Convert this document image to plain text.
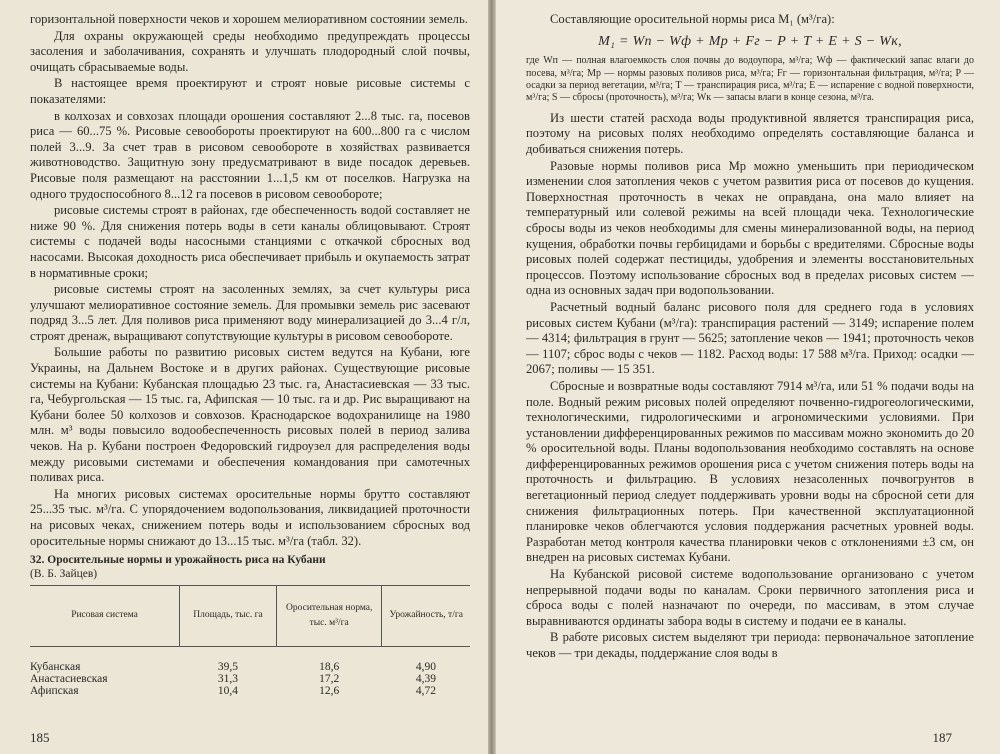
горизонтальной поверхности чеков и хорошем мелиоративном состоянии земель.

Для охраны окружающей среды необходимо предупреждать процессы засоления и заболачивания, сохранять и улучшать плодородный слой почвы, очищать сбрасываемые воды.

В настоящее время проектируют и строят новые рисовые системы с показателями:

в колхозах и совхозах площади орошения составляют 2...8 тыс. га, посевов риса — 60...75 %. Рисовые севообороты проектируют на 600...800 га с числом полей 3...9. За счет трав в рисовом севообороте в хозяйствах развивается животноводство. Защитную зону предусматривают в виде посадок деревьев. Рисовые поля размещают на расстоянии 1...1,5 км от поселков. Нагрузка на одного трудоспособного 8...12 га посевов в рисовом севообороте;

рисовые системы строят в районах, где обеспеченность водой составляет не ниже 90 %. Для снижения потерь воды в сети каналы облицовывают. Строят системы с подачей воды насосными станциями с откачкой сбросных вод насосами. Высокая доходность риса обеспечивает прибыль и окупаемость затрат в нормативные сроки;

рисовые системы строят на засоленных землях, за счет культуры риса улучшают мелиоративное состояние земель. Для промывки земель рис засевают подряд 3...5 лет. Для поливов риса применяют воду минерализацией до 3...4 г/л, строят дренаж, выращивают сопутствующие культуры в рисовом севообороте.

Большие работы по развитию рисовых систем ведутся на Кубани, юге Украины, на Дальнем Востоке и в других районах. Существующие рисовые системы на Кубани: Кубанская площадью 23 тыс. га, Анастасиевская — 33 тыс. га, Чебургольская — 15 тыс. га, Афипская — 10 тыс. га и др. Рис выращивают на Кубани более 50 колхозов и совхозов. Краснодарское водохранилище на 1980 млн. м³ воды повысило водообеспеченность рисовых полей в период залива чеков. На р. Кубани построен Федоровский гидроузел для распределения воды между рисовыми системами и обеспечения командования при самотечных поливах риса.

На многих рисовых системах оросительные нормы брутто составляют 25...35 тыс. м³/га. С упорядочением водопользования, ликвидацией проточности на рисовых чеках, снижением потерь воды и использованием сбросных вод оросительные нормы снижают до 13...15 тыс. м³/га (табл. 32).

32. Оросительные нормы и урожайность риса на Кубани
(В. Б. Зайцев)
Рисовая система	Площадь, тыс. га	Оросительная норма, тыс. м³/га	Урожайность, т/га
Кубанская	39,5	18,6	4,90
Анастасиевская	31,3	17,2	4,39
Афипская	10,4	12,6	4,72
185

Составляющие оросительной нормы риса M₁ (м³/га):

M₁ = Wп − Wф + Mр + Fг − P + T + E + S − Wк,

где Wп — полная влагоемкость слоя почвы до водоупора, м³/га; Wф — фактический запас влаги до посева, м³/га; Mр — нормы разовых поливов риса, м³/га; Fг — горизонтальная фильтрация, м³/га; P — осадки за период вегетации, м³/га; T — транспирация риса, м³/га; E — испарение с водной поверхности, м³/га; S — сбросы (проточность), м³/га; Wк — запасы влаги в конце сезона, м³/га.

Из шести статей расхода воды продуктивной является транспирация риса, поэтому на рисовых полях необходимо определять составляющие баланса и добиваться снижения потерь.

Разовые нормы поливов риса Mр можно уменьшить при периодическом изменении слоя затопления чеков с учетом развития риса от посевов до кущения. Поверхностная проточность в чеках не оправдана, она мало влияет на температурный или солевой режимы на всей площади чека. Технологические сбросы воды из чеков необходимы для смены минерализованной воды, на период кущения, обработки почвы гербицидами и борьбы с вредителями. Сбросные воды рисовых полей содержат пестициды, удобрения и элементы восстановительных процессов. Поэтому использование сбросных вод в пределах рисовых систем — одна из основных задач при водопользовании.

Расчетный водный баланс рисового поля для среднего года в условиях рисовых систем Кубани (м³/га): транспирация растений — 3149; испарение полем — 4314; фильтрация в грунт — 5625; затопление чеков — 1941; проточность чеков — 1107; сброс воды с чеков — 1182. Расход воды: 17 588 м³/га. Приход: осадки — 2067; поливы — 15 351.

Сбросные и возвратные воды составляют 7914 м³/га, или 51 % подачи воды на поле. Водный режим рисовых полей определяют почвенно-гидрогеологическими, технологическими, гидрологическими и агрономическими условиями. При установлении дифференцированных режимов по массивам можно экономить до 20 % оросительной воды. Планы водопользования необходимо составлять на основе дифференцированных режимов орошения риса с учетом снижения потерь воды на проточность и фильтрацию. В условиях незасоленных почвогрунтов в вегетационный период следует поддерживать уровни воды на сбросной сети для снижения фильтрационных потерь. При качественной эксплуатационной планировке чеков облегчаются условия поддержания расчетных уровней воды. Разработан метод контроля качества планировки чеков с отклонениями ±3 см, он внедрен на рисовых системах Кубани.

На Кубанской рисовой системе водопользование организовано с учетом непрерывной подачи воды по каналам. Сроки первичного затопления риса и сброса воды с полей назначают по очереди, по массивам, в этом случае выравниваются ординаты забора воды в систему и подачи ее в каналы.

В работе рисовых систем выделяют три периода: первоначальное затопление чеков — три декады, поддержание слоя воды в

187
